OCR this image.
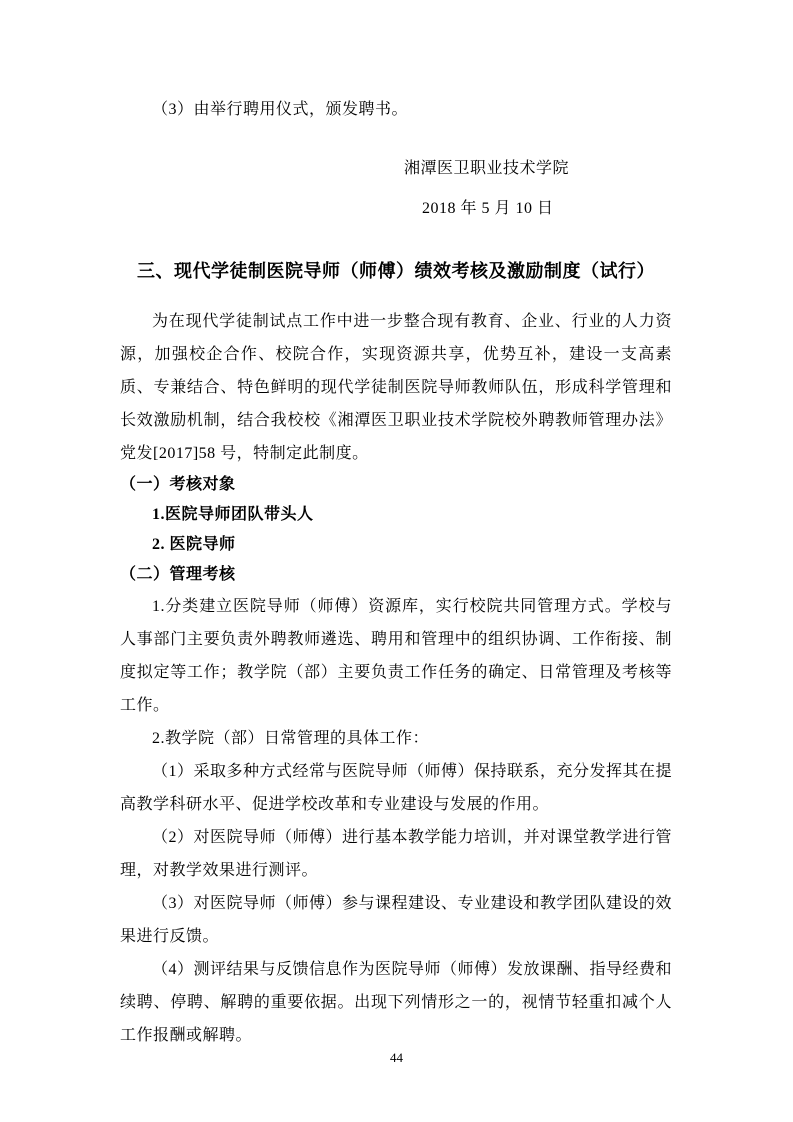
（3）由举行聘用仪式，颁发聘书。

湘潭医卫职业技术学院

2018 年 5 月 10 日

三、现代学徒制医院导师（师傅）绩效考核及激励制度（试行）

为在现代学徒制试点工作中进一步整合现有教育、企业、行业的人力资源，加强校企合作、校院合作，实现资源共享，优势互补，建设一支高素质、专兼结合、特色鲜明的现代学徒制医院导师教师队伍，形成科学管理和长效激励机制，结合我校校《湘潭医卫职业技术学院校外聘教师管理办法》党发[2017]58 号，特制定此制度。

（一）考核对象

1.医院导师团队带头人

2. 医院导师

（二）管理考核

1.分类建立医院导师（师傅）资源库，实行校院共同管理方式。学校与人事部门主要负责外聘教师遴选、聘用和管理中的组织协调、工作衔接、制度拟定等工作；教学院（部）主要负责工作任务的确定、日常管理及考核等工作。

2.教学院（部）日常管理的具体工作：

（1）采取多种方式经常与医院导师（师傅）保持联系，充分发挥其在提高教学科研水平、促进学校改革和专业建设与发展的作用。

（2）对医院导师（师傅）进行基本教学能力培训，并对课堂教学进行管理，对教学效果进行测评。

（3）对医院导师（师傅）参与课程建设、专业建设和教学团队建设的效果进行反馈。

（4）测评结果与反馈信息作为医院导师（师傅）发放课酬、指导经费和续聘、停聘、解聘的重要依据。出现下列情形之一的，视情节轻重扣减个人工作报酬或解聘。

44
